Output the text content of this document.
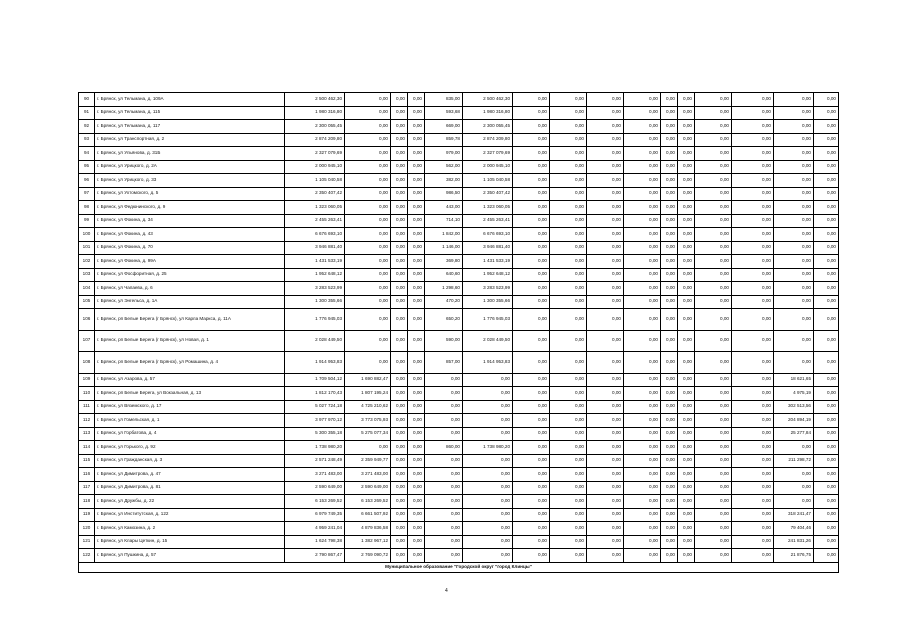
90	г. Брянск, ул Тельмана, д. 109А	2 500 462,30	0,00	0,00	0,00	835,00	2 500 462,30	0,00	0,00	0,00	0,00	0,00	0,00	0,00	0,00	0,00	0,00
91	г. Брянск, ул Тельмана, д. 115	1 980 316,80	0,00	0,00	0,00	593,68	1 980 316,80	0,00	0,00	0,00	0,00	0,00	0,00	0,00	0,00	0,00	0,00
92	г. Брянск, ул Тельмана, д. 117	2 300 055,45	0,00	0,00	0,00	669,00	2 300 055,45	0,00	0,00	0,00	0,00	0,00	0,00	0,00	0,00	0,00	0,00
93	г. Брянск, ул Транспортная, д. 2	2 874 209,80	0,00	0,00	0,00	859,78	2 874 209,80	0,00	0,00	0,00	0,00	0,00	0,00	0,00	0,00	0,00	0,00
94	г. Брянск, ул Ульянова, д. 31Б	2 327 079,69	0,00	0,00	0,00	979,00	2 327 079,69	0,00	0,00	0,00	0,00	0,00	0,00	0,00	0,00	0,00	0,00
95	г. Брянск, ул Урицкого, д. 2А	2 000 945,10	0,00	0,00	0,00	562,00	2 000 945,10	0,00	0,00	0,00	0,00	0,00	0,00	0,00	0,00	0,00	0,00
96	г. Брянск, ул Урицкого, д. 33	1 105 040,58	0,00	0,00	0,00	382,00	1 105 040,58	0,00	0,00	0,00	0,00	0,00	0,00	0,00	0,00	0,00	0,00
97	г. Брянск, ул Ухтомского, д. 5	2 350 407,42	0,00	0,00	0,00	986,50	2 350 407,42	0,00	0,00	0,00	0,00	0,00	0,00	0,00	0,00	0,00	0,00
98	г. Брянск, ул Федюнинского, д. 9	1 323 060,05	0,00	0,00	0,00	443,00	1 323 060,05	0,00	0,00	0,00	0,00	0,00	0,00	0,00	0,00	0,00	0,00
99	г. Брянск, ул Фокина, д. 34	2 455 263,41	0,00	0,00	0,00	714,10	2 455 263,41	0,00	0,00	0,00	0,00	0,00	0,00	0,00	0,00	0,00	0,00
100	г. Брянск, ул Фокина, д. 43	6 676 693,10	0,00	0,00	0,00	1 842,00	6 676 693,10	0,00	0,00	0,00	0,00	0,00	0,00	0,00	0,00	0,00	0,00
101	г. Брянск, ул Фокина, д. 70	3 946 881,40	0,00	0,00	0,00	1 146,00	3 946 881,40	0,00	0,00	0,00	0,00	0,00	0,00	0,00	0,00	0,00	0,00
102	г. Брянск, ул Фокина, д. 99А	1 431 533,19	0,00	0,00	0,00	369,80	1 431 533,19	0,00	0,00	0,00	0,00	0,00	0,00	0,00	0,00	0,00	0,00
103	г. Брянск, ул Фосфоритная, д. 25	1 952 648,12	0,00	0,00	0,00	640,60	1 952 648,12	0,00	0,00	0,00	0,00	0,00	0,00	0,00	0,00	0,00	0,00
104	г. Брянск, ул Чапаева, д. 6	3 283 523,99	0,00	0,00	0,00	1 298,60	3 283 523,99	0,00	0,00	0,00	0,00	0,00	0,00	0,00	0,00	0,00	0,00
105	г. Брянск, ул Энгельса, д. 1А	1 300 355,66	0,00	0,00	0,00	470,20	1 300 355,66	0,00	0,00	0,00	0,00	0,00	0,00	0,00	0,00	0,00	0,00
106	г. Брянск, рп Белые Берега (г Брянск), ул Карла Маркса, д. 11А	1 776 945,03	0,00	0,00	0,00	650,20	1 776 945,03	0,00	0,00	0,00	0,00	0,00	0,00	0,00	0,00	0,00	0,00
107	г. Брянск, рп Белые Берега (г Брянск), ул Новая, д. 1	2 028 449,50	0,00	0,00	0,00	590,00	2 028 449,50	0,00	0,00	0,00	0,00	0,00	0,00	0,00	0,00	0,00	0,00
108	г. Брянск, рп Белые Берега (г Брянск), ул Ромашина, д. 4	1 914 953,83	0,00	0,00	0,00	857,00	1 914 953,83	0,00	0,00	0,00	0,00	0,00	0,00	0,00	0,00	0,00	0,00
109	г. Брянск, ул Азарова, д. 57	1 709 504,12	1 690 882,47	0,00	0,00	0,00	0,00	0,00	0,00	0,00	0,00	0,00	0,00	0,00	0,00	18 621,65	0,00
110	г. Брянск, рп Белые Берега, ул Вокзальная, д. 13	1 812 170,43	1 807 195,24	0,00	0,00	0,00	0,00	0,00	0,00	0,00	0,00	0,00	0,00	0,00	0,00	4 975,19	0,00
111	г. Брянск, ул Вяземского, д. 17	5 027 724,18	4 725 210,62	0,00	0,00	0,00	0,00	0,00	0,00	0,00	0,00	0,00	0,00	0,00	0,00	302 513,56	0,00
112	г. Брянск, ул Гомельская, д. 1	3 977 970,12	3 773 075,93	0,00	0,00	0,00	0,00	0,00	0,00	0,00	0,00	0,00	0,00	0,00	0,00	204 894,19	0,00
113	г. Брянск, ул Горбатова, д. 4	5 300 355,18	5 275 077,34	0,00	0,00	0,00	0,00	0,00	0,00	0,00	0,00	0,00	0,00	0,00	0,00	25 277,84	0,00
114	г. Брянск, ул Горького, д. 92	1 738 980,20	0,00	0,00	0,00	860,00	1 738 980,20	0,00	0,00	0,00	0,00	0,00	0,00	0,00	0,00	0,00	0,00
115	г. Брянск, ул Гражданская, д. 3	2 571 248,49	2 359 949,77	0,00	0,00	0,00	0,00	0,00	0,00	0,00	0,00	0,00	0,00	0,00	0,00	211 298,72	0,00
116	г. Брянск, ул Димитрова, д. 47	3 271 483,00	3 271 483,00	0,00	0,00	0,00	0,00	0,00	0,00	0,00	0,00	0,00	0,00	0,00	0,00	0,00	0,00
117	г. Брянск, ул Димитрова, д. 81	2 590 649,00	2 590 649,00	0,00	0,00	0,00	0,00	0,00	0,00	0,00	0,00	0,00	0,00	0,00	0,00	0,00	0,00
118	г. Брянск, ул Дружбы, д. 22	6 153 269,52	6 153 269,52	0,00	0,00	0,00	0,00	0,00	0,00	0,00	0,00	0,00	0,00	0,00	0,00	0,00	0,00
119	г. Брянск, ул Институтская, д. 122	6 979 749,35	6 661 507,92	0,00	0,00	0,00	0,00	0,00	0,00	0,00	0,00	0,00	0,00	0,00	0,00	318 241,47	0,00
120	г. Брянск, ул Камозина, д. 2	4 959 241,04	4 879 836,58	0,00	0,00	0,00	0,00	0,00	0,00	0,00	0,00	0,00	0,00	0,00	0,00	79 404,46	0,00
121	г. Брянск, ул Клары Цеткин, д. 15	1 624 798,38	1 382 967,12	0,00	0,00	0,00	0,00	0,00	0,00	0,00	0,00	0,00	0,00	0,00	0,00	241 831,26	0,00
122	г. Брянск, ул Пушкина, д. 57	2 790 867,47	2 769 090,72	0,00	0,00	0,00	0,00	0,00	0,00	0,00	0,00	0,00	0,00	0,00	0,00	21 876,75	0,00
Муниципальное образование "Городской округ "город Клинцы"																	
4
